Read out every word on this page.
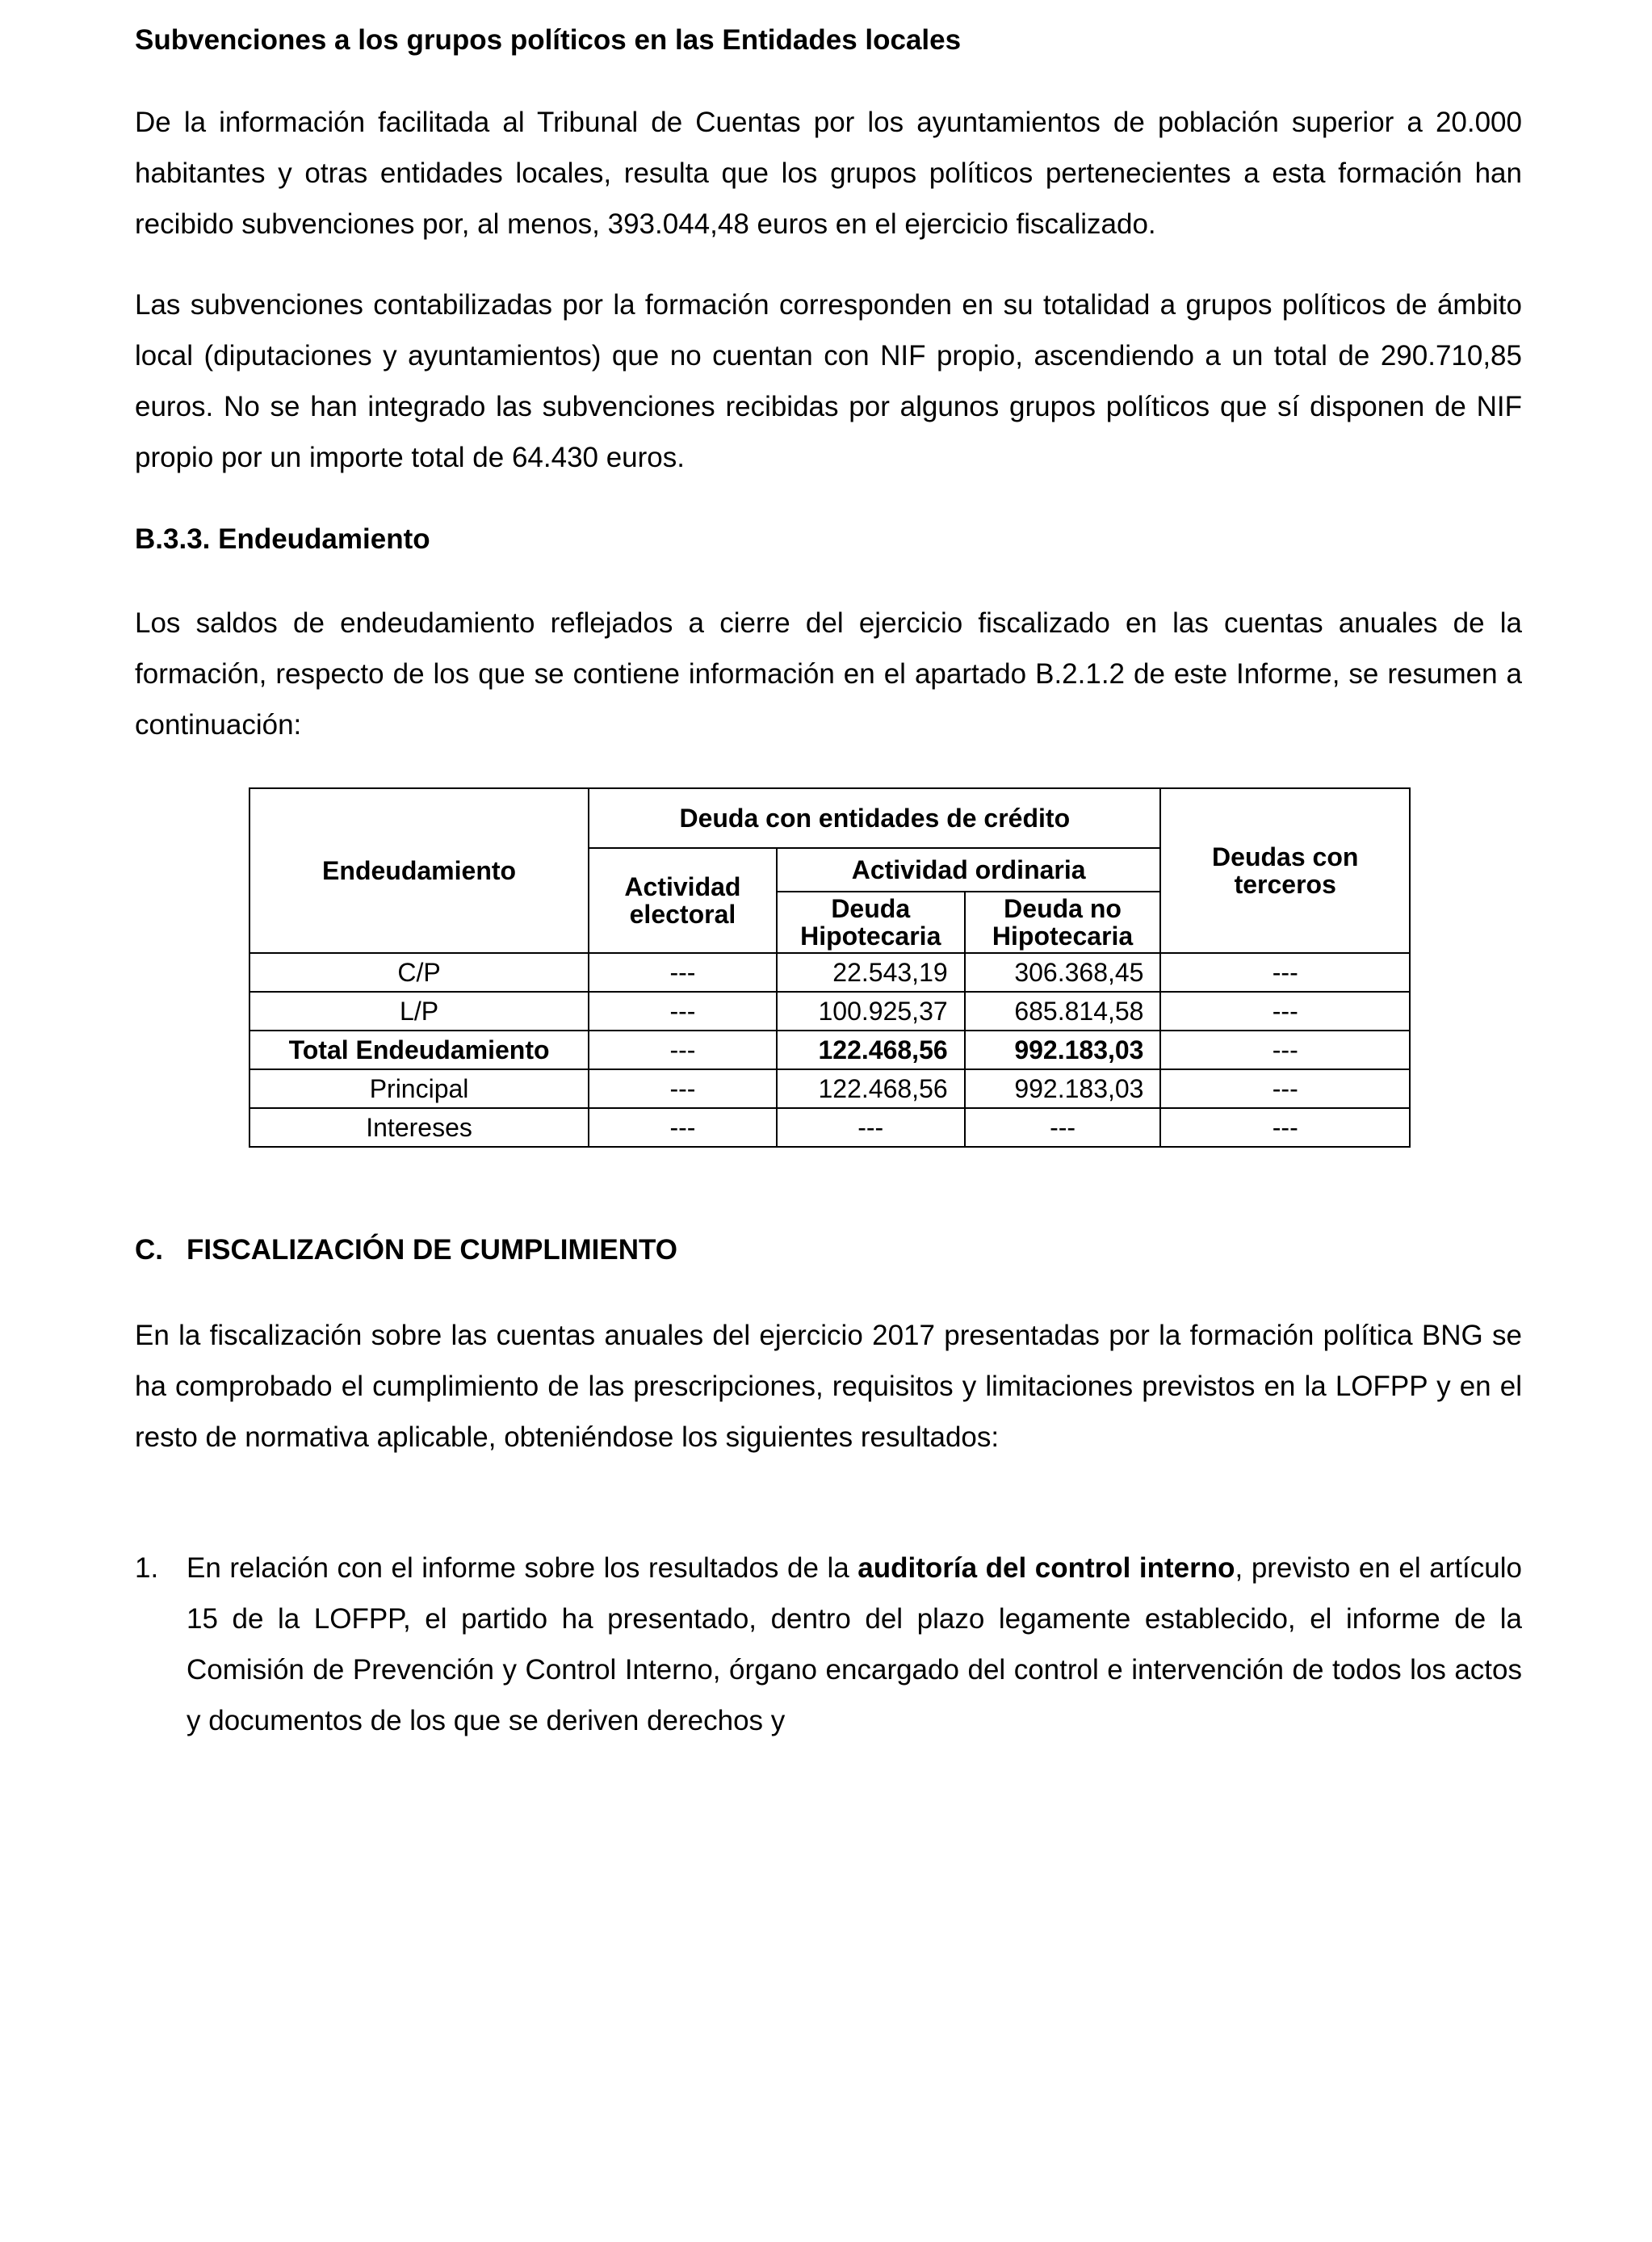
Subvenciones a los grupos políticos en las Entidades locales

De la información facilitada al Tribunal de Cuentas por los ayuntamientos de población superior a 20.000 habitantes y otras entidades locales, resulta que los grupos políticos pertenecientes a esta formación han recibido subvenciones por, al menos, 393.044,48 euros en el ejercicio fiscalizado.

Las subvenciones contabilizadas por la formación corresponden en su totalidad a grupos políticos de ámbito local (diputaciones y ayuntamientos) que no cuentan con NIF propio, ascendiendo a un total de 290.710,85 euros. No se han integrado las subvenciones recibidas por algunos grupos políticos que sí disponen de NIF propio por un importe total de 64.430 euros.

B.3.3. Endeudamiento

Los saldos de endeudamiento reflejados a cierre del ejercicio fiscalizado en las cuentas anuales de la formación, respecto de los que se contiene información en el apartado B.2.1.2 de este Informe, se resumen a continuación:

Endeudamiento	Deuda con entidades de crédito			Deudas con terceros
	Actividad electoral	Actividad ordinaria		
		Deuda Hipotecaria	Deuda no Hipotecaria	
C/P	---	22.543,19	306.368,45	---
L/P	---	100.925,37	685.814,58	---
Total Endeudamiento	---	122.468,56	992.183,03	---
Principal	---	122.468,56	992.183,03	---
Intereses	---	---	---	---
C. FISCALIZACIÓN DE CUMPLIMIENTO

En la fiscalización sobre las cuentas anuales del ejercicio 2017 presentadas por la formación política BNG se ha comprobado el cumplimiento de las prescripciones, requisitos y limitaciones previstos en la LOFPP y en el resto de normativa aplicable, obteniéndose los siguientes resultados:

1. En relación con el informe sobre los resultados de la auditoría del control interno, previsto en el artículo 15 de la LOFPP, el partido ha presentado, dentro del plazo legamente establecido, el informe de la Comisión de Prevención y Control Interno, órgano encargado del control e intervención de todos los actos y documentos de los que se deriven derechos y
